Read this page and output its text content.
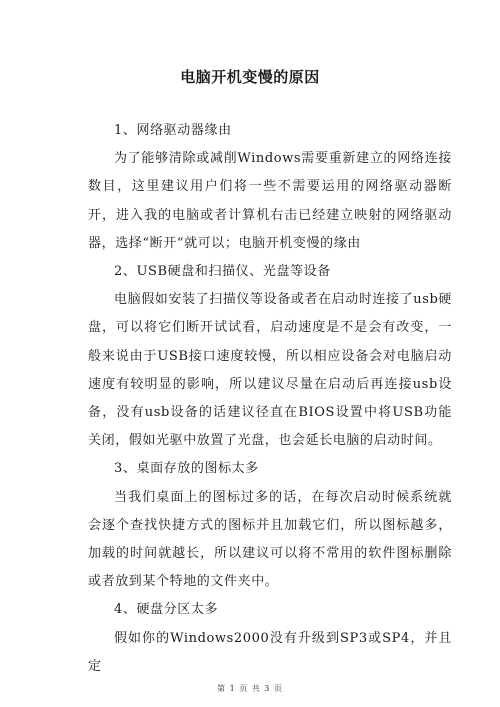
电脑开机变慢的原因

1、网络驱动器缘由

为了能够清除或减削Windows需要重新建立的网络连接数目，这里建议用户们将一些不需要运用的网络驱动器断开，进入我的电脑或者计算机右击已经建立映射的网络驱动器，选择“断开”就可以；电脑开机变慢的缘由

2、USB硬盘和扫描仪、光盘等设备

电脑假如安装了扫描仪等设备或者在启动时连接了usb硬盘，可以将它们断开试试看，启动速度是不是会有改变，一般来说由于USB接口速度较慢，所以相应设备会对电脑启动速度有较明显的影响，所以建议尽量在启动后再连接usb设备，没有usb设备的话建议径直在BIOS设置中将USB功能关闭，假如光驱中放置了光盘，也会延长电脑的启动时间。

3、桌面存放的图标太多

当我们桌面上的图标过多的话，在每次启动时候系统就会逐个查找快捷方式的图标并且加载它们，所以图标越多，加载的时间就越长，所以建议可以将不常用的软件图标删除或者放到某个特地的文件夹中。

4、硬盘分区太多

假如你的Windows2000没有升级到SP3或SP4，并且定

第 1 页 共 3 页
